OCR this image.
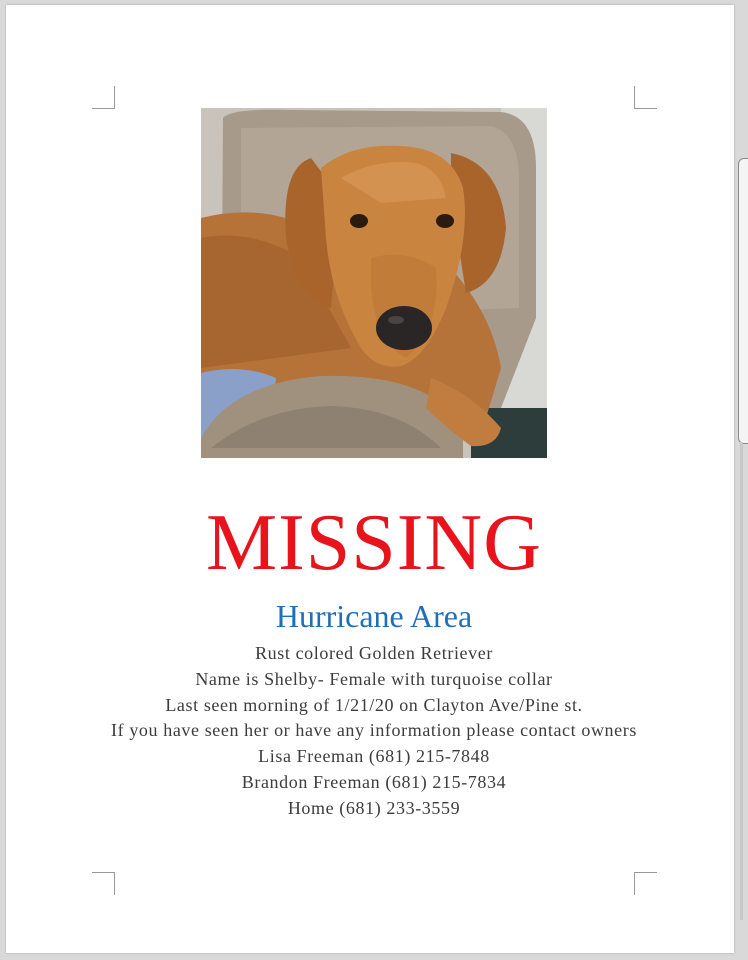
MISSING
Hurricane Area
Rust colored Golden Retriever
Name is Shelby- Female with turquoise collar
Last seen morning of 1/21/20 on Clayton Ave/Pine st.
If you have seen her or have any information please contact owners
Lisa Freeman (681) 215-7848
Brandon Freeman (681) 215-7834
Home (681) 233-3559
